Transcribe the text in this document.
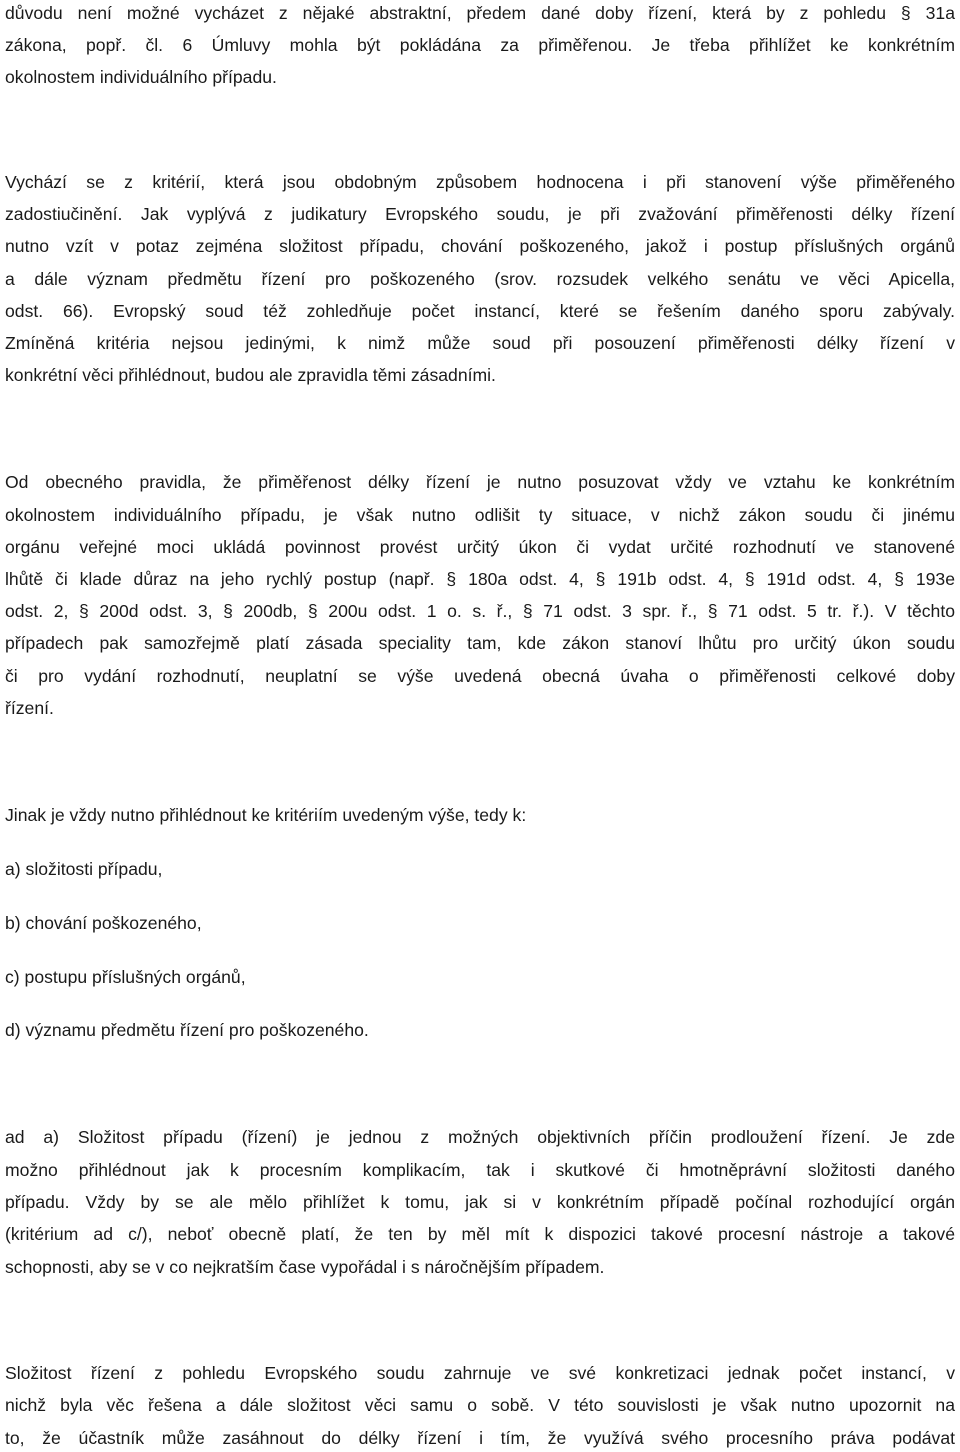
důvodu není možné vycházet z nějaké abstraktní, předem dané doby řízení, která by z pohledu § 31a
zákona, popř. čl. 6 Úmluvy mohla být pokládána za přiměřenou. Je třeba přihlížet ke konkrétním
okolnostem individuálního případu.
Vychází se z kritérií, která jsou obdobným způsobem hodnocena i při stanovení výše přiměřeného
zadostiučinění. Jak vyplývá z judikatury Evropského soudu, je při zvažování přiměřenosti délky řízení
nutno vzít v potaz zejména složitost případu, chování poškozeného, jakož i postup příslušných orgánů
a dále význam předmětu řízení pro poškozeného (srov. rozsudek velkého senátu ve věci Apicella,
odst. 66). Evropský soud též zohledňuje počet instancí, které se řešením daného sporu zabývaly.
Zmíněná kritéria nejsou jedinými, k nimž může soud při posouzení přiměřenosti délky řízení v
konkrétní věci přihlédnout, budou ale zpravidla těmi zásadními.
Od obecného pravidla, že přiměřenost délky řízení je nutno posuzovat vždy ve vztahu ke konkrétním
okolnostem individuálního případu, je však nutno odlišit ty situace, v nichž zákon soudu či jinému
orgánu veřejné moci ukládá povinnost provést určitý úkon či vydat určité rozhodnutí ve stanovené
lhůtě či klade důraz na jeho rychlý postup (např. § 180a odst. 4, § 191b odst. 4, § 191d odst. 4, § 193e
odst. 2, § 200d odst. 3, § 200db, § 200u odst. 1 o. s. ř., § 71 odst. 3 spr. ř., § 71 odst. 5 tr. ř.). V těchto
případech pak samozřejmě platí zásada speciality tam, kde zákon stanoví lhůtu pro určitý úkon soudu
či pro vydání rozhodnutí, neuplatní se výše uvedená obecná úvaha o přiměřenosti celkové doby
řízení.
Jinak je vždy nutno přihlédnout ke kritériím uvedeným výše, tedy k:
a) složitosti případu,
b) chování poškozeného,
c) postupu příslušných orgánů,
d) významu předmětu řízení pro poškozeného.
ad a) Složitost případu (řízení) je jednou z možných objektivních příčin prodloužení řízení. Je zde
možno přihlédnout jak k procesním komplikacím, tak i skutkové či hmotněprávní složitosti daného
případu. Vždy by se ale mělo přihlížet k tomu, jak si v konkrétním případě počínal rozhodující orgán
(kritérium ad c/), neboť obecně platí, že ten by měl mít k dispozici takové procesní nástroje a takové
schopnosti, aby se v co nejkratším čase vypořádal i s náročnějším případem.
Složitost řízení z pohledu Evropského soudu zahrnuje ve své konkretizaci jednak počet instancí, v
nichž byla věc řešena a dále složitost věci samu o sobě. V této souvislosti je však nutno upozornit na
to, že účastník může zasáhnout do délky řízení i tím, že využívá svého procesního práva podávat
